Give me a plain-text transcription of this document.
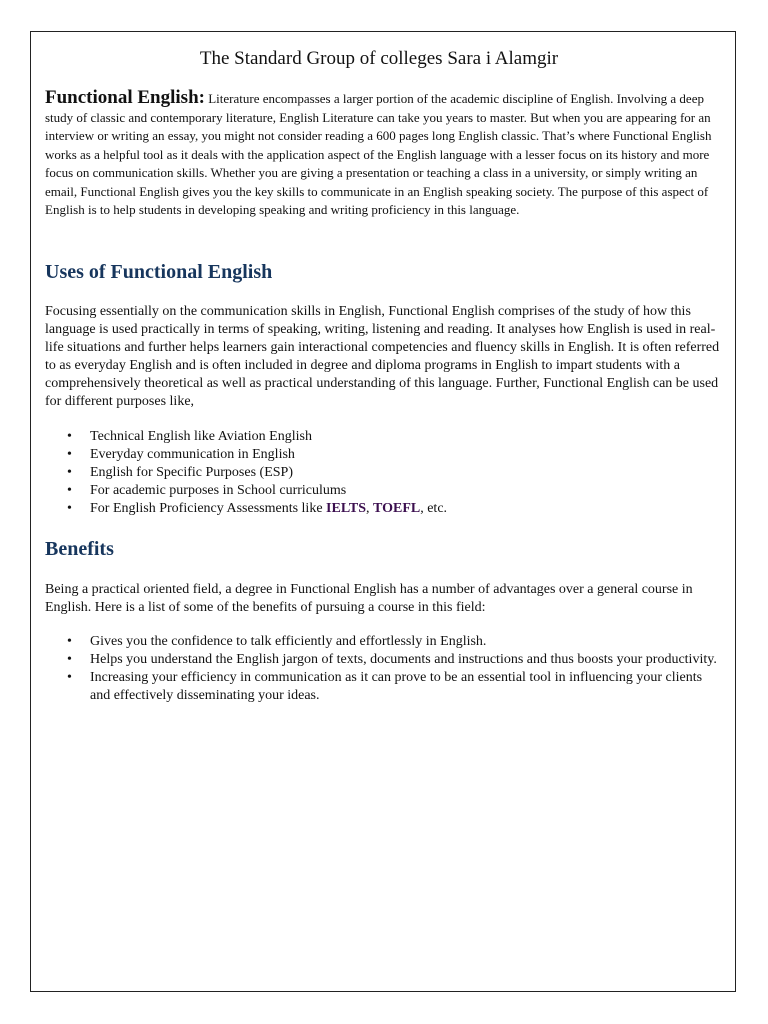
The Standard Group of colleges Sara i Alamgir

Functional English: Literature encompasses a larger portion of the academic discipline of English. Involving a deep study of classic and contemporary literature, English Literature can take you years to master. But when you are appearing for an interview or writing an essay, you might not consider reading a 600 pages long English classic. That’s where Functional English works as a helpful tool as it deals with the application aspect of the English language with a lesser focus on its history and more focus on communication skills. Whether you are giving a presentation or teaching a class in a university, or simply writing an email, Functional English gives you the key skills to communicate in an English speaking society. The purpose of this aspect of English is to help students in developing speaking and writing proficiency in this language.

Uses of Functional English

Focusing essentially on the communication skills in English, Functional English comprises of the study of how this language is used practically in terms of speaking, writing, listening and reading. It analyses how English is used in real-life situations and further helps learners gain interactional competencies and fluency skills in English. It is often referred to as everyday English and is often included in degree and diploma programs in English to impart students with a comprehensively theoretical as well as practical understanding of this language. Further, Functional English can be used for different purposes like,

• Technical English like Aviation English
• Everyday communication in English
• English for Specific Purposes (ESP)
• For academic purposes in School curriculums
• For English Proficiency Assessments like IELTS, TOEFL, etc.
Benefits

Being a practical oriented field, a degree in Functional English has a number of advantages over a general course in English. Here is a list of some of the benefits of pursuing a course in this field:

• Gives you the confidence to talk efficiently and effortlessly in English.
• Helps you understand the English jargon of texts, documents and instructions and thus boosts your productivity.
• Increasing your efficiency in communication as it can prove to be an essential tool in influencing your clients and effectively disseminating your ideas.
